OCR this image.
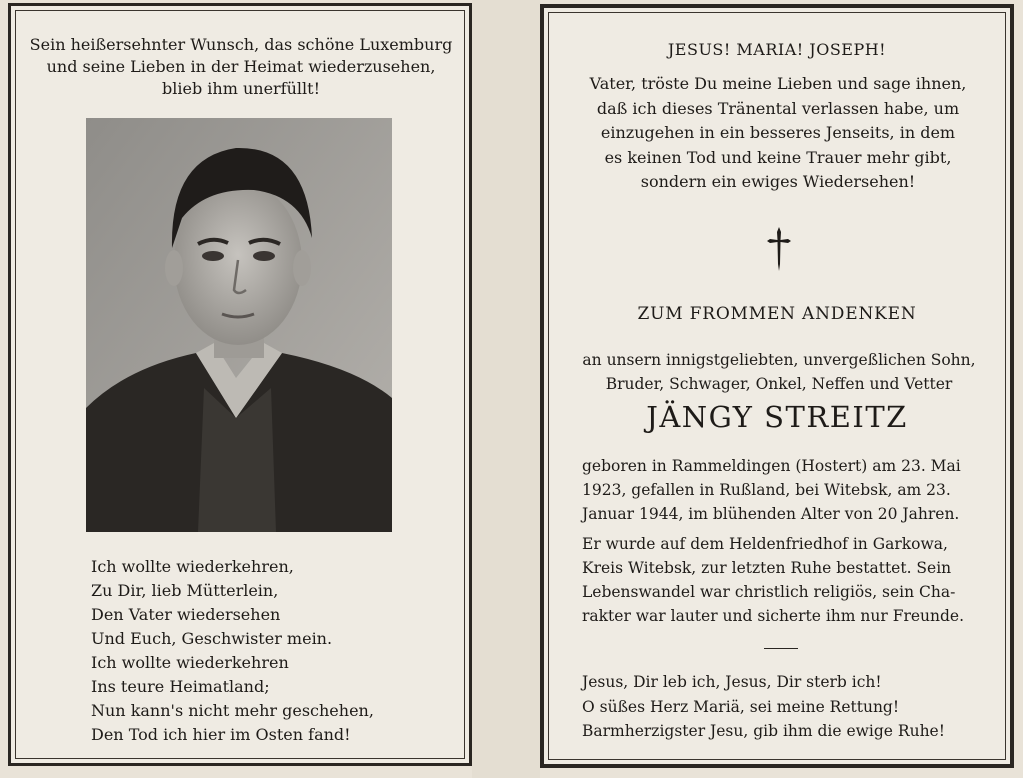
Sein heißersehnter Wunsch, das schöne Luxemburg

und seine Lieben in der Heimat wiederzusehen,

blieb ihm unerfüllt!

Ich wollte wiederkehren,
Zu Dir, lieb Mütterlein,
Den Vater wiedersehen
Und Euch, Geschwister mein.
Ich wollte wiederkehren
Ins teure Heimatland;
Nun kann's nicht mehr geschehen,
Den Tod ich hier im Osten fand!

JESUS! MARIA! JOSEPH!

Vater, tröste Du meine Lieben und sage ihnen,
daß ich dieses Tränental verlassen habe, um
einzugehen in ein besseres Jenseits, in dem
es keinen Tod und keine Trauer mehr gibt,
sondern ein ewiges Wiedersehen!

ZUM FROMMEN ANDENKEN

an unsern innigstgeliebten, unvergeßlichen Sohn,
Bruder, Schwager, Onkel, Neffen und Vetter

JÄNGY STREITZ

geboren in Rammeldingen (Hostert) am 23. Mai
1923, gefallen in Rußland, bei Witebsk, am 23.
Januar 1944, im blühenden Alter von 20 Jahren.
Er wurde auf dem Heldenfriedhof in Garkowa,
Kreis Witebsk, zur letzten Ruhe bestattet. Sein
Lebenswandel war christlich religiös, sein Cha-
rakter war lauter und sicherte ihm nur Freunde.
Jesus, Dir leb ich, Jesus, Dir sterb ich!
O süßes Herz Mariä, sei meine Rettung!
Barmherzigster Jesu, gib ihm die ewige Ruhe!
